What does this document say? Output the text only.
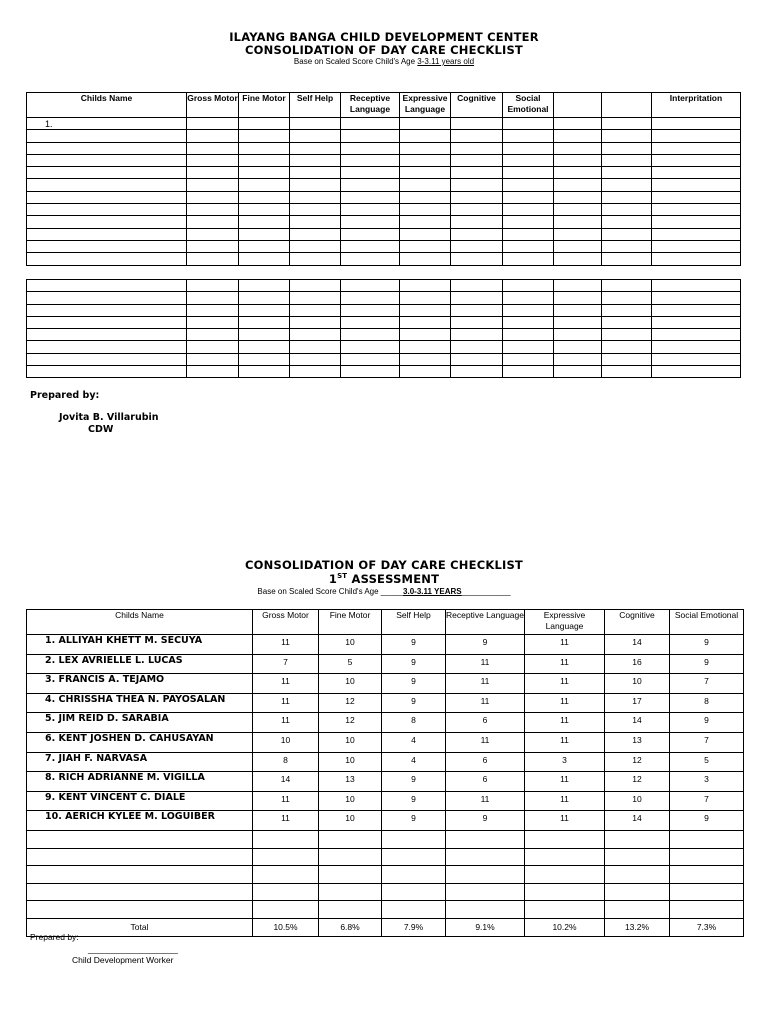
ILAYANG BANGA CHILD DEVELOPMENT CENTER
CONSOLIDATION OF DAY CARE CHECKLIST
Base on Scaled Score Child's Age 3-3.11 years old
Childs Name	Gross Motor	Fine Motor	Self Help	Receptive Language	Expressive Language	Cognitive	Social Emotional			Interpritation
1.										

Prepared by:
Jovita B. Villarubin
CDW
CONSOLIDATION OF DAY CARE CHECKLIST
1ST ASSESSMENT
Base on Scaled Score Child's Age _____3.0-3.11 YEARS___________
Childs Name	Gross Motor	Fine Motor	Self Help	Receptive Language	Expressive Language	Cognitive	Social Emotional
1. ALLIYAH KHETT M. SECUYA	11	10	9	9	11	14	9
2. LEX AVRIELLE L. LUCAS	7	5	9	11	11	16	9
3. FRANCIS A. TEJAMO	11	10	9	11	11	10	7
4. CHRISSHA THEA N. PAYOSALAN	11	12	9	11	11	17	8
5. JIM REID D. SARABIA	11	12	8	6	11	14	9
6. KENT JOSHEN D. CAHUSAYAN	10	10	4	11	11	13	7
7. JIAH F. NARVASA	8	10	4	6	3	12	5
8. RICH ADRIANNE M. VIGILLA	14	13	9	6	11	12	3
9. KENT VINCENT C. DIALE	11	10	9	11	11	10	7
10. AERICH KYLEE M. LOGUIBER	11	10	9	9	11	14	9

Total	10.5%	6.8%	7.9%	9.1%	10.2%	13.2%	7.3%
Prepared by:
___________________
Child Development Worker
